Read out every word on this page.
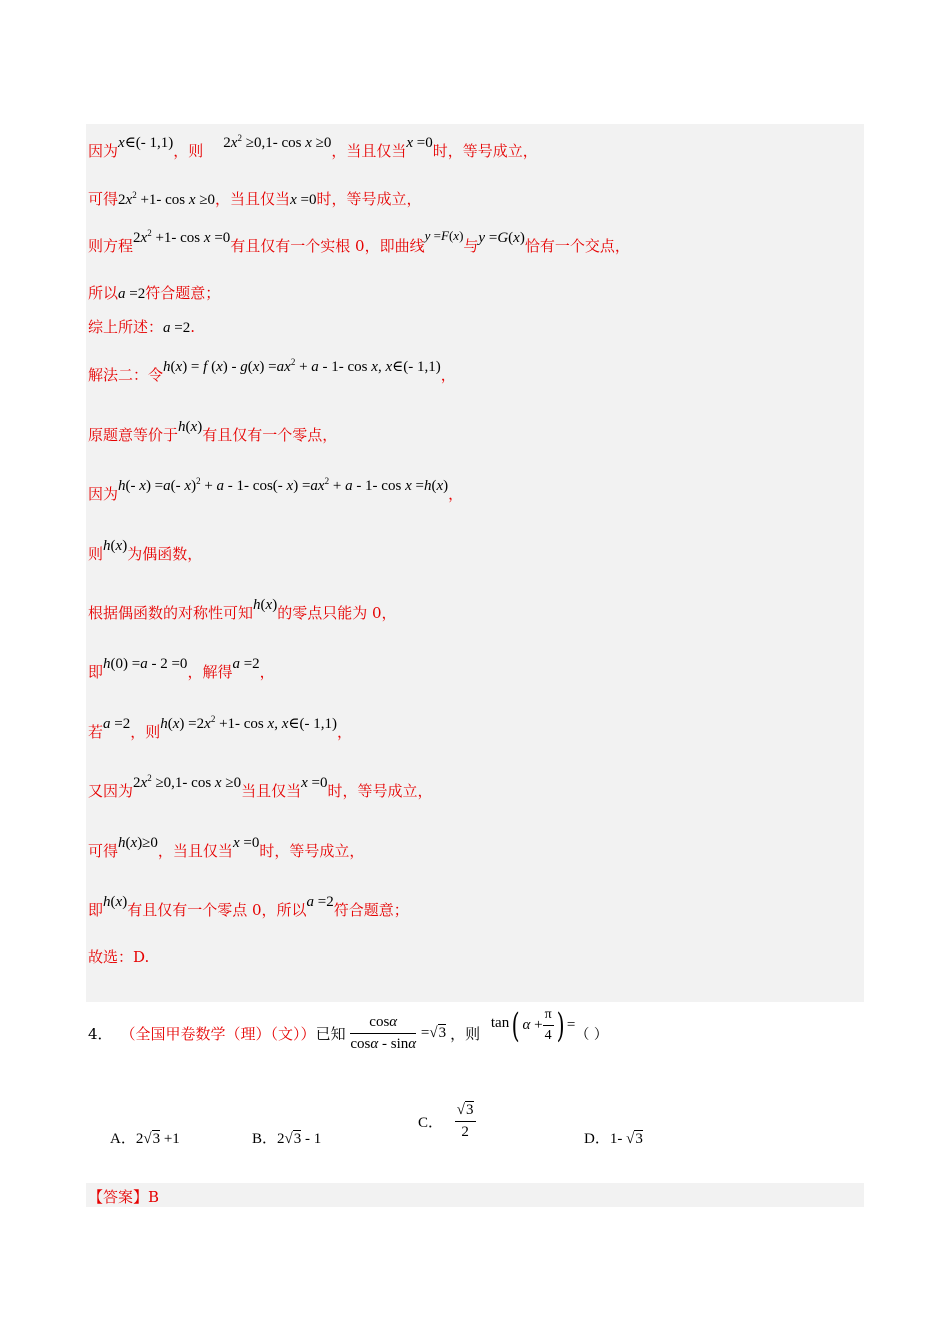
因为x∈(- 1,1)，则 $2x^2 \ge 0,1-$ cos x ≥0，当且仅当x =0时，等号成立，
可得$2x^2 +1-$ cos x ≥0，当且仅当x =0时，等号成立，
则方程$2x^2 +1-$ cos x =0有且仅有一个实根 0，即曲线y =F(x)与y =G(x)恰有一个交点，
所以a =2符合题意；
综上所述：a =2.
解法二：令h(x) = f $(x) - g(x) =ax^2 + a - 1-$ cos x, x∈(- 1,1)，
原题意等价于h(x)有且仅有一个零点，
因为h(- x) =a(- x)$^2$ + a - 1- cos(- $x) =ax^2 + a - 1-$ cos x =h(x)，
则h(x)为偶函数，
根据偶函数的对称性可知h(x)的零点只能为 0，
即h(0) =a - 2 =0，解得a =2，
若a =2，则$h(x) =2x^2 +1-$ cos x, x∈(- 1,1)，
又因为$2x^2 \ge 0,1-$ cos x ≥0当且仅当x =0时，等号成立，
可得h(x)≥0，当且仅当x =0时，等号成立，
即h(x)有且仅有一个零点 0，所以a =2符合题意；
故选：D.
4． （全国甲卷数学（理）（文））已知 $\frac{\cos\alpha}{\cos\alpha - \sin\alpha} =√3$ ，则 tan( $\alpha + \frac{\pi}{4}$ ) =（ ）
A．2√3 +1	B．2√3 - 1
C． $\frac{√3}{2}$	D．1- √3
【答案】B
